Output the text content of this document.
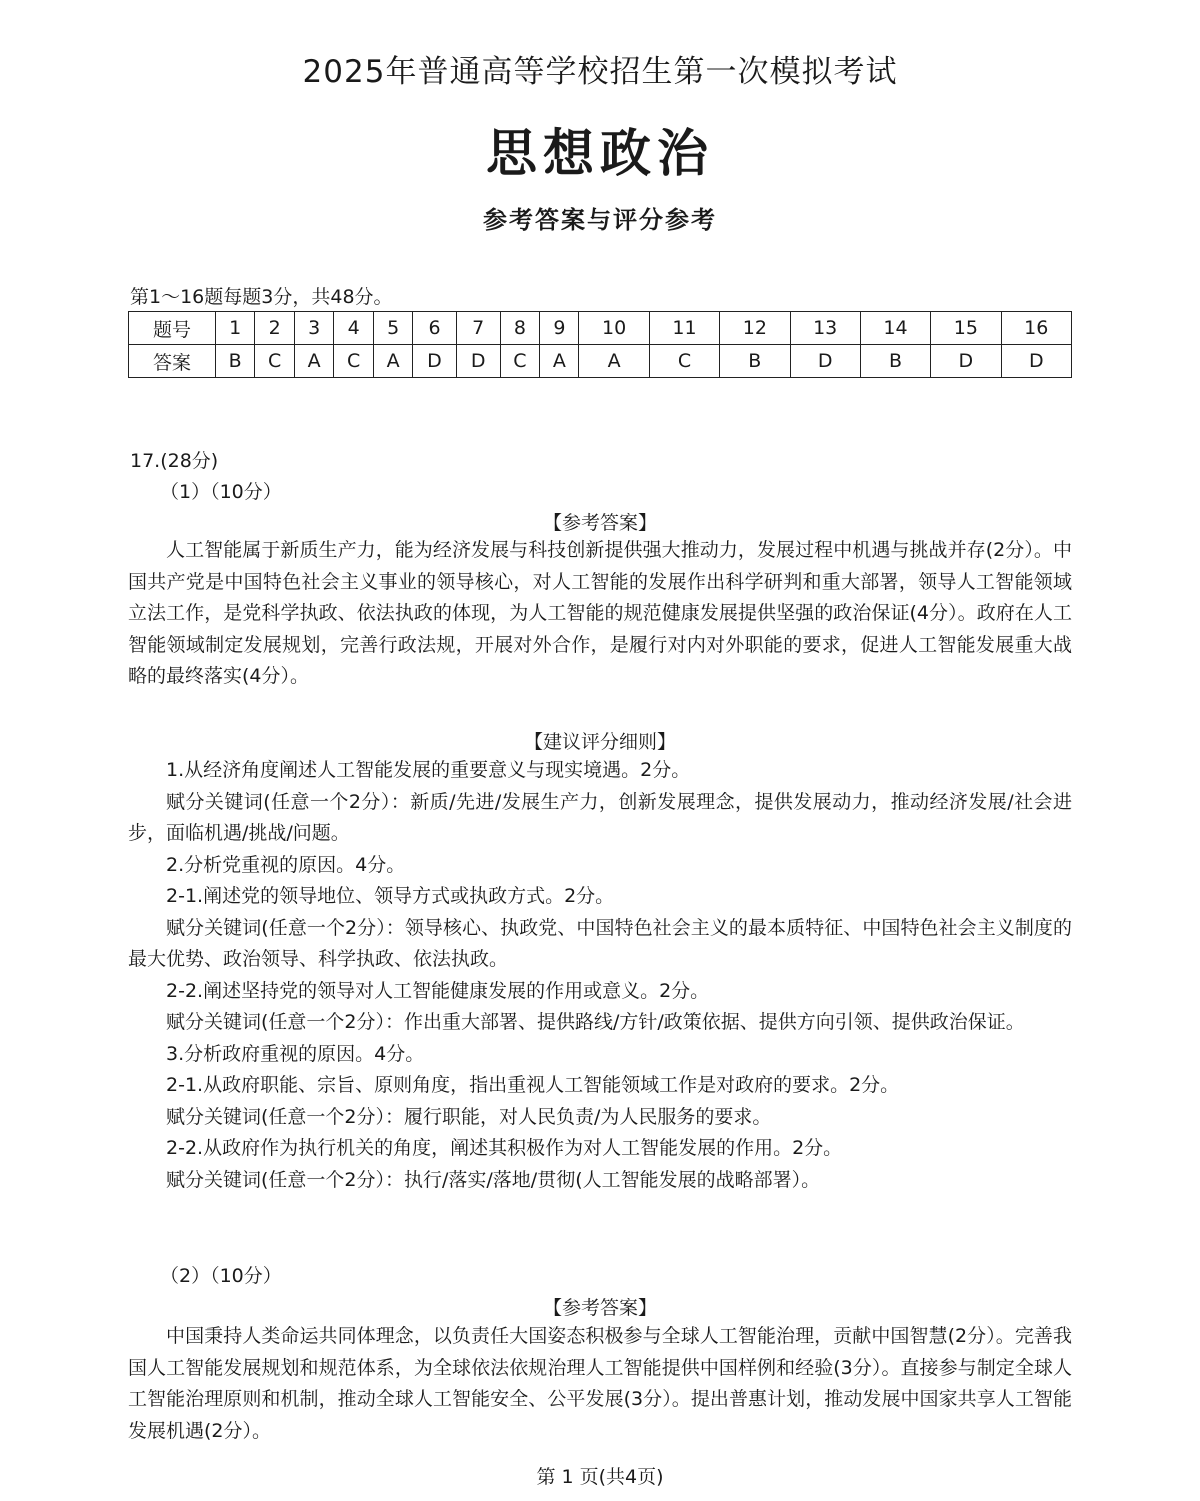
2025年普通高等学校招生第一次模拟考试
思想政治
参考答案与评分参考
第1～16题每题3分，共48分。
题号	1	2	3	4	5	6	7	8	9	10	11	12	13	14	15	16
答案	B	C	A	C	A	D	D	C	A	A	C	B	D	B	D	D
17.(28分)
（1）（10分）
【参考答案】

人工智能属于新质生产力，能为经济发展与科技创新提供强大推动力，发展过程中机遇与挑战并存(2分）。中国共产党是中国特色社会主义事业的领导核心，对人工智能的发展作出科学研判和重大部署，领导人工智能领域立法工作，是党科学执政、依法执政的体现，为人工智能的规范健康发展提供坚强的政治保证(4分）。政府在人工智能领域制定发展规划，完善行政法规，开展对外合作，是履行对内对外职能的要求，促进人工智能发展重大战略的最终落实(4分）。

【建议评分细则】

1.从经济角度阐述人工智能发展的重要意义与现实境遇。2分。

赋分关键词(任意一个2分）：新质/先进/发展生产力，创新发展理念，提供发展动力，推动经济发展/社会进步，面临机遇/挑战/问题。

2.分析党重视的原因。4分。

2-1.阐述党的领导地位、领导方式或执政方式。2分。

赋分关键词(任意一个2分）：领导核心、执政党、中国特色社会主义的最本质特征、中国特色社会主义制度的最大优势、政治领导、科学执政、依法执政。

2-2.阐述坚持党的领导对人工智能健康发展的作用或意义。2分。

赋分关键词(任意一个2分）：作出重大部署、提供路线/方针/政策依据、提供方向引领、提供政治保证。

3.分析政府重视的原因。4分。

2-1.从政府职能、宗旨、原则角度，指出重视人工智能领域工作是对政府的要求。2分。

赋分关键词(任意一个2分）：履行职能，对人民负责/为人民服务的要求。

2-2.从政府作为执行机关的角度，阐述其积极作为对人工智能发展的作用。2分。

赋分关键词(任意一个2分）：执行/落实/落地/贯彻(人工智能发展的战略部署）。

（2）（10分）
【参考答案】

中国秉持人类命运共同体理念，以负责任大国姿态积极参与全球人工智能治理，贡献中国智慧(2分）。完善我国人工智能发展规划和规范体系，为全球依法依规治理人工智能提供中国样例和经验(3分）。直接参与制定全球人工智能治理原则和机制，推动全球人工智能安全、公平发展(3分）。提出普惠计划，推动发展中国家共享人工智能发展机遇(2分）。

第 1 页(共4页)
